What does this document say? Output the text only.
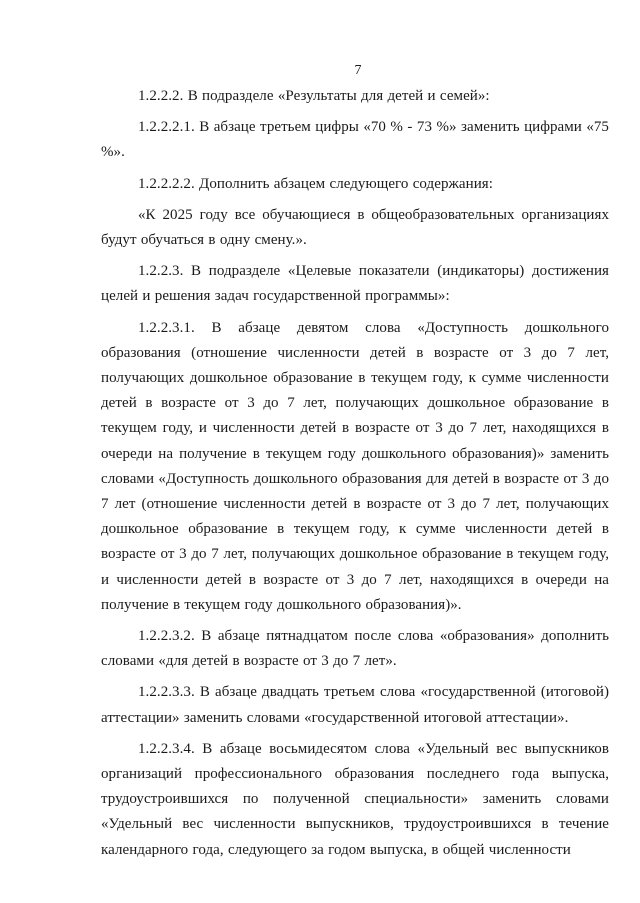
7

1.2.2.2. В подразделе «Результаты для детей и семей»:

1.2.2.2.1. В абзаце третьем цифры «70 % - 73 %» заменить цифрами «75 %».

1.2.2.2.2. Дополнить абзацем следующего содержания:

«К 2025 году все обучающиеся в общеобразовательных организациях будут обучаться в одну смену.».

1.2.2.3. В подразделе «Целевые показатели (индикаторы) достижения целей и решения задач государственной программы»:

1.2.2.3.1. В абзаце девятом слова «Доступность дошкольного образования (отношение численности детей в возрасте от 3 до 7 лет, получающих дошкольное образование в текущем году, к сумме численности детей в возрасте от 3 до 7 лет, получающих дошкольное образование в текущем году, и численности детей в возрасте от 3 до 7 лет, находящихся в очереди на получение в текущем году дошкольного образования)» заменить словами «Доступность дошкольного образования для детей в возрасте от 3 до 7 лет (отношение численности детей в возрасте от 3 до 7 лет, получающих дошкольное образование в текущем году, к сумме численности детей в возрасте от 3 до 7 лет, получающих дошкольное образование в текущем году, и численности детей в возрасте от 3 до 7 лет, находящихся в очереди на получение в текущем году дошкольного образования)».

1.2.2.3.2. В абзаце пятнадцатом после слова «образования» дополнить словами «для детей в возрасте от 3 до 7 лет».

1.2.2.3.3. В абзаце двадцать третьем слова «государственной (итоговой) аттестации» заменить словами «государственной итоговой аттестации».

1.2.2.3.4. В абзаце восьмидесятом слова «Удельный вес выпускников организаций профессионального образования последнего года выпуска, трудоустроившихся по полученной специальности» заменить словами «Удельный вес численности выпускников, трудоустроившихся в течение календарного года, следующего за годом выпуска, в общей численности
